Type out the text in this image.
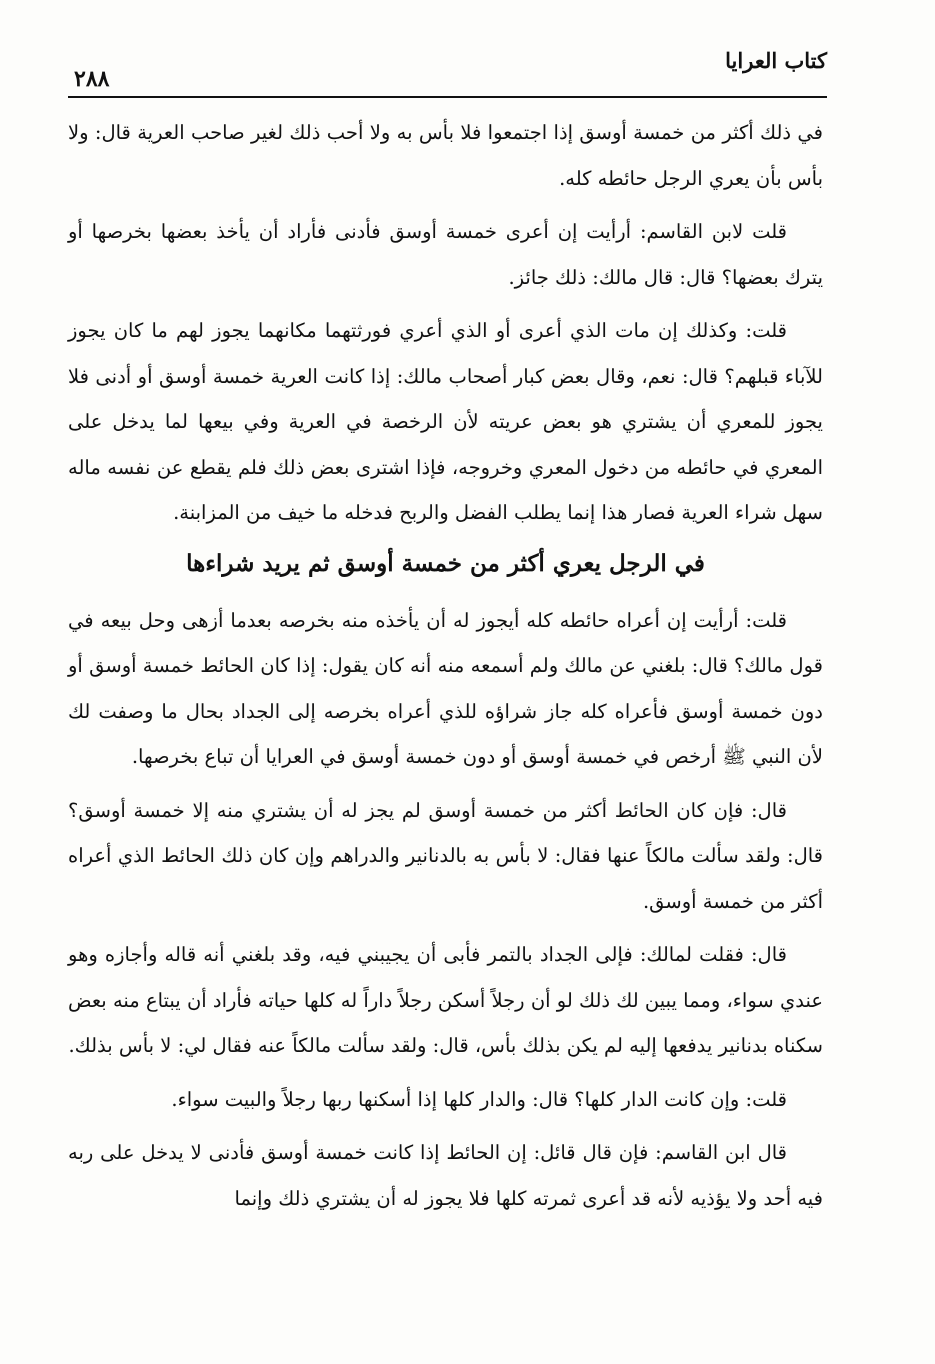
كتاب العرايا
٢٨٨

في ذلك أكثر من خمسة أوسق إذا اجتمعوا فلا بأس به ولا أحب ذلك لغير صاحب العرية قال: ولا بأس بأن يعري الرجل حائطه كله.

قلت لابن القاسم: أرأيت إن أعرى خمسة أوسق فأدنى فأراد أن يأخذ بعضها بخرصها أو يترك بعضها؟ قال: قال مالك: ذلك جائز.

قلت: وكذلك إن مات الذي أعرى أو الذي أعري فورثتهما مكانهما يجوز لهم ما كان يجوز للآباء قبلهم؟ قال: نعم، وقال بعض كبار أصحاب مالك: إذا كانت العرية خمسة أوسق أو أدنى فلا يجوز للمعري أن يشتري هو بعض عريته لأن الرخصة في العرية وفي بيعها لما يدخل على المعري في حائطه من دخول المعري وخروجه، فإذا اشترى بعض ذلك فلم يقطع عن نفسه ماله سهل شراء العرية فصار هذا إنما يطلب الفضل والربح فدخله ما خيف من المزابنة.

في الرجل يعري أكثر من خمسة أوسق ثم يريد شراءها

قلت: أرأيت إن أعراه حائطه كله أيجوز له أن يأخذه منه بخرصه بعدما أزهى وحل بيعه في قول مالك؟ قال: بلغني عن مالك ولم أسمعه منه أنه كان يقول: إذا كان الحائط خمسة أوسق أو دون خمسة أوسق فأعراه كله جاز شراؤه للذي أعراه بخرصه إلى الجداد بحال ما وصفت لك لأن النبي ﷺ أرخص في خمسة أوسق أو دون خمسة أوسق في العرايا أن تباع بخرصها.

قال: فإن كان الحائط أكثر من خمسة أوسق لم يجز له أن يشتري منه إلا خمسة أوسق؟ قال: ولقد سألت مالكاً عنها فقال: لا بأس به بالدنانير والدراهم وإن كان ذلك الحائط الذي أعراه أكثر من خمسة أوسق.

قال: فقلت لمالك: فإلى الجداد بالتمر فأبى أن يجيبني فيه، وقد بلغني أنه قاله وأجازه وهو عندي سواء، ومما يبين لك ذلك لو أن رجلاً أسكن رجلاً داراً له كلها حياته فأراد أن يبتاع منه بعض سكناه بدنانير يدفعها إليه لم يكن بذلك بأس، قال: ولقد سألت مالكاً عنه فقال لي: لا بأس بذلك.

قلت: وإن كانت الدار كلها؟ قال: والدار كلها إذا أسكنها ربها رجلاً والبيت سواء.

قال ابن القاسم: فإن قال قائل: إن الحائط إذا كانت خمسة أوسق فأدنى لا يدخل على ربه فيه أحد ولا يؤذيه لأنه قد أعرى ثمرته كلها فلا يجوز له أن يشتري ذلك وإنما
